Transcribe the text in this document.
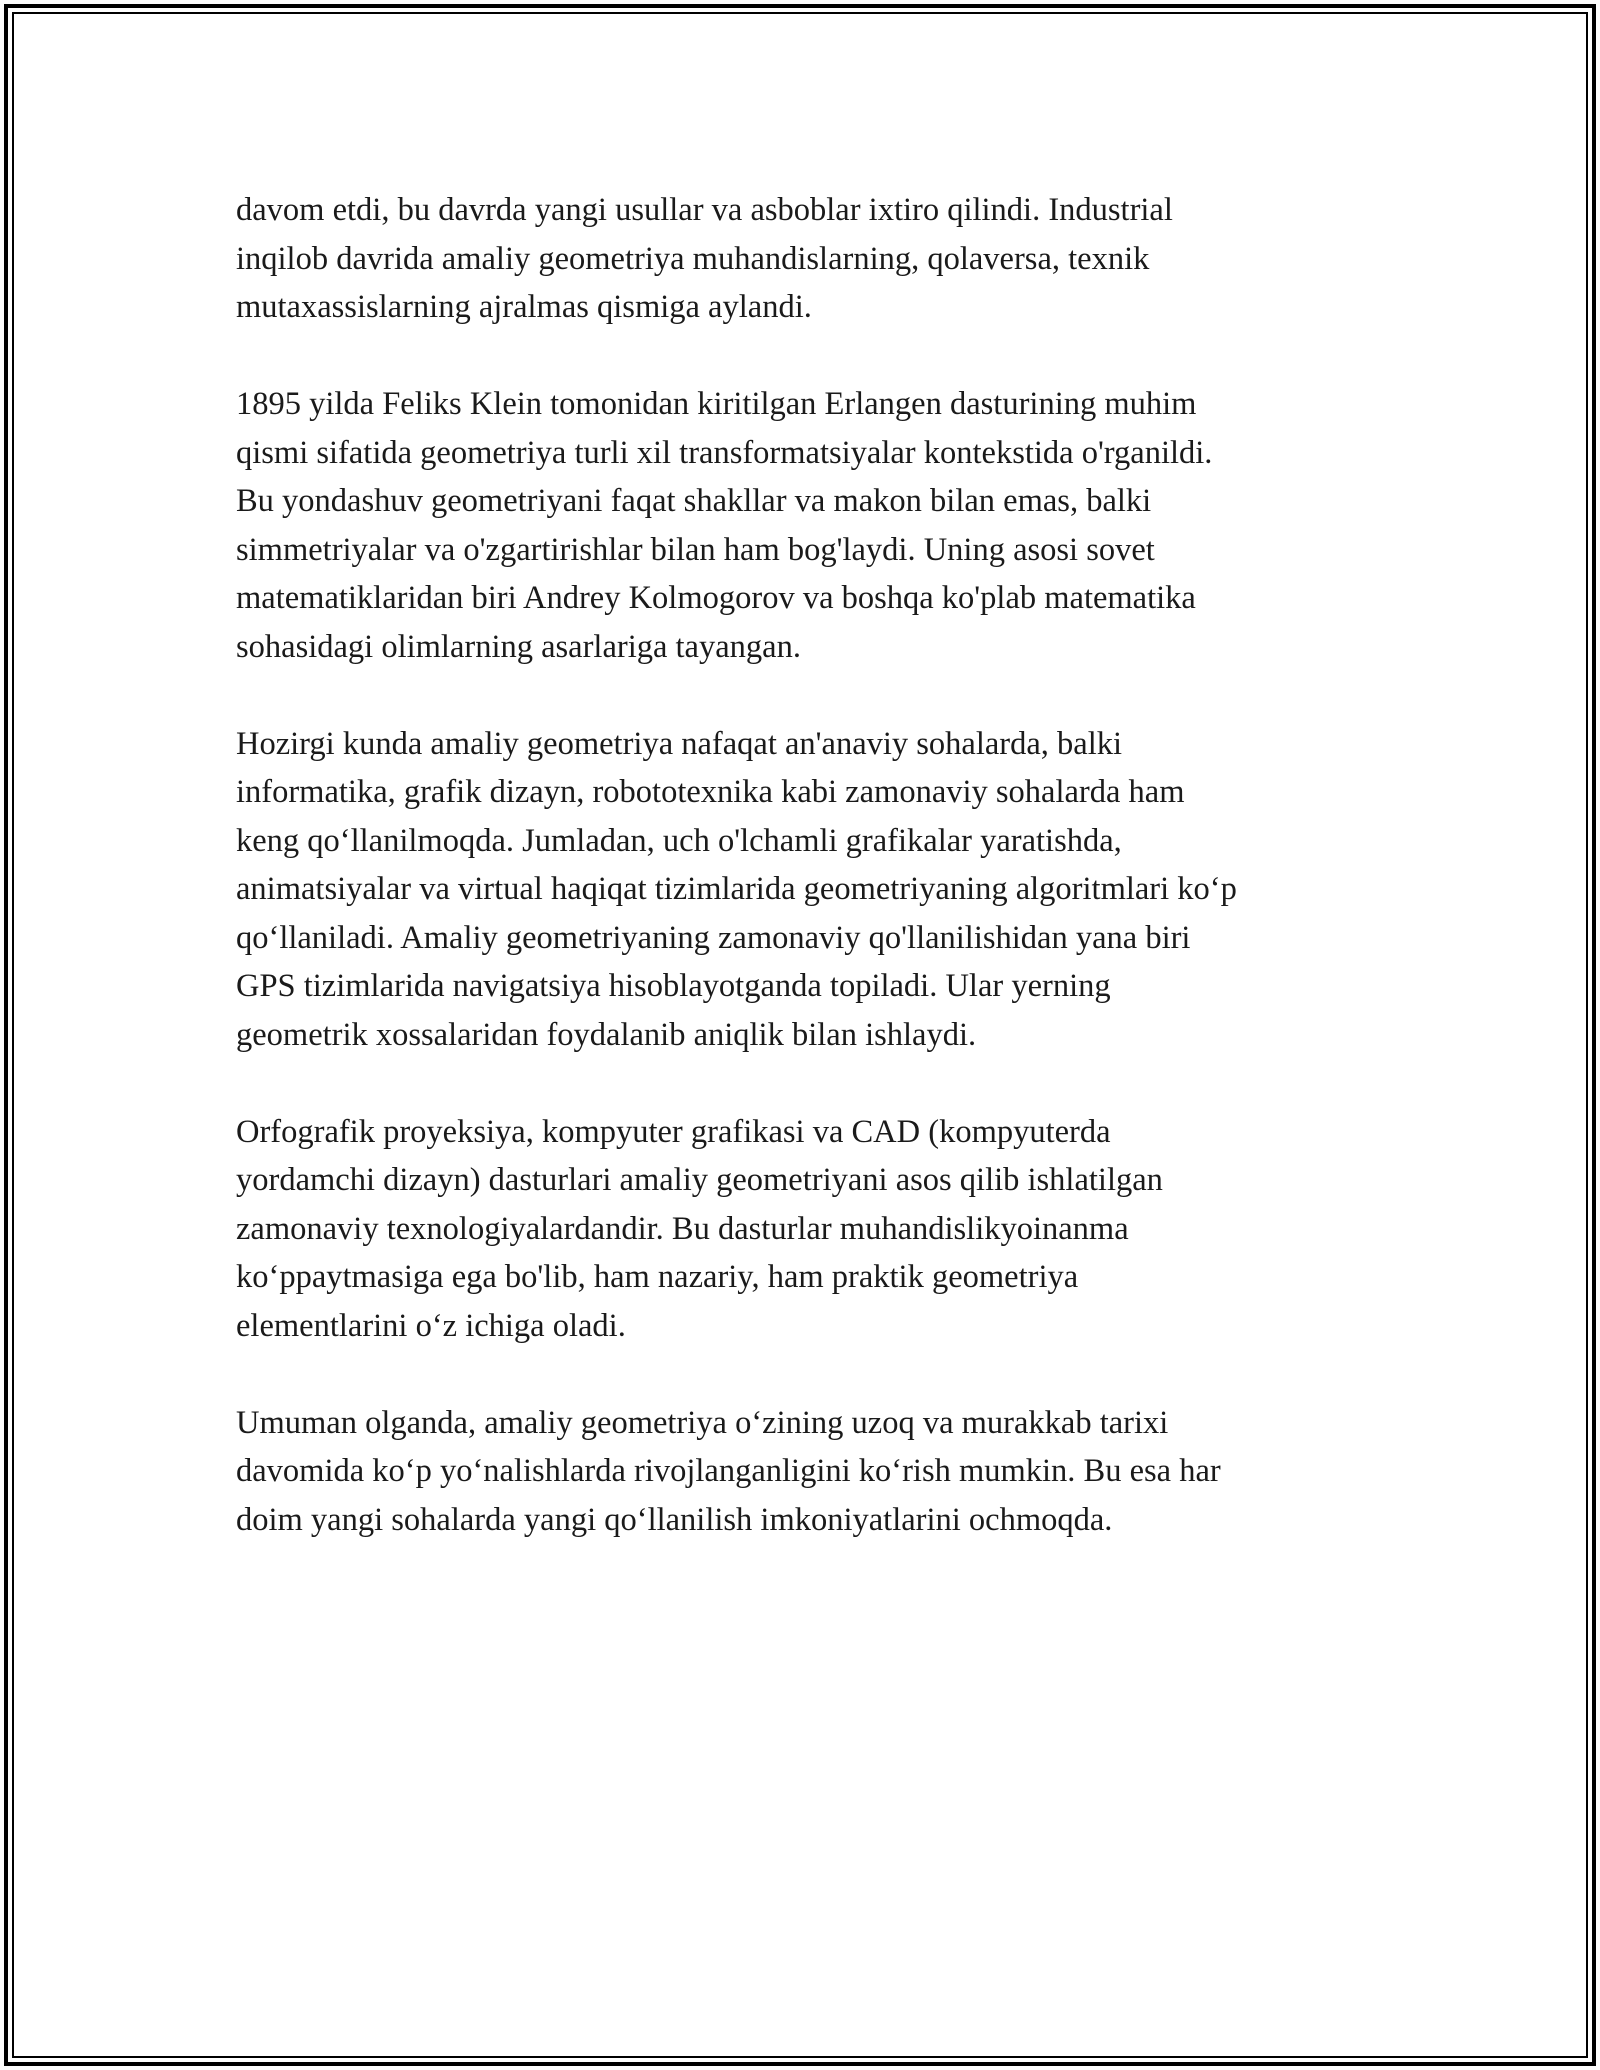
davom etdi, bu davrda yangi usullar va asboblar ixtiro qilindi. Industrial
inqilob davrida amaliy geometriya muhandislarning, qolaversa, texnik
mutaxassislarning ajralmas qismiga aylandi.

1895 yilda Feliks Klein tomonidan kiritilgan Erlangen dasturining muhim
qismi sifatida geometriya turli xil transformatsiyalar kontekstida o'rganildi.
Bu yondashuv geometriyani faqat shakllar va makon bilan emas, balki
simmetriyalar va o'zgartirishlar bilan ham bog'laydi. Uning asosi sovet
matematiklaridan biri Andrey Kolmogorov va boshqa ko'plab matematika
sohasidagi olimlarning asarlariga tayangan.

Hozirgi kunda amaliy geometriya nafaqat an'anaviy sohalarda, balki
informatika, grafik dizayn, robototexnika kabi zamonaviy sohalarda ham
keng qo‘llanilmoqda. Jumladan, uch o'lchamli grafikalar yaratishda,
animatsiyalar va virtual haqiqat tizimlarida geometriyaning algoritmlari ko‘p
qo‘llaniladi. Amaliy geometriyaning zamonaviy qo'llanilishidan yana biri
GPS tizimlarida navigatsiya hisoblayotganda topiladi. Ular yerning
geometrik xossalaridan foydalanib aniqlik bilan ishlaydi.

Orfografik proyeksiya, kompyuter grafikasi va CAD (kompyuterda
yordamchi dizayn) dasturlari amaliy geometriyani asos qilib ishlatilgan
zamonaviy texnologiyalardandir. Bu dasturlar muhandislikyoinanma
ko‘ppaytmasiga ega bo'lib, ham nazariy, ham praktik geometriya
elementlarini o‘z ichiga oladi.

Umuman olganda, amaliy geometriya o‘zining uzoq va murakkab tarixi
davomida ko‘p yo‘nalishlarda rivojlanganligini ko‘rish mumkin. Bu esa har
doim yangi sohalarda yangi qo‘llanilish imkoniyatlarini ochmoqda.
